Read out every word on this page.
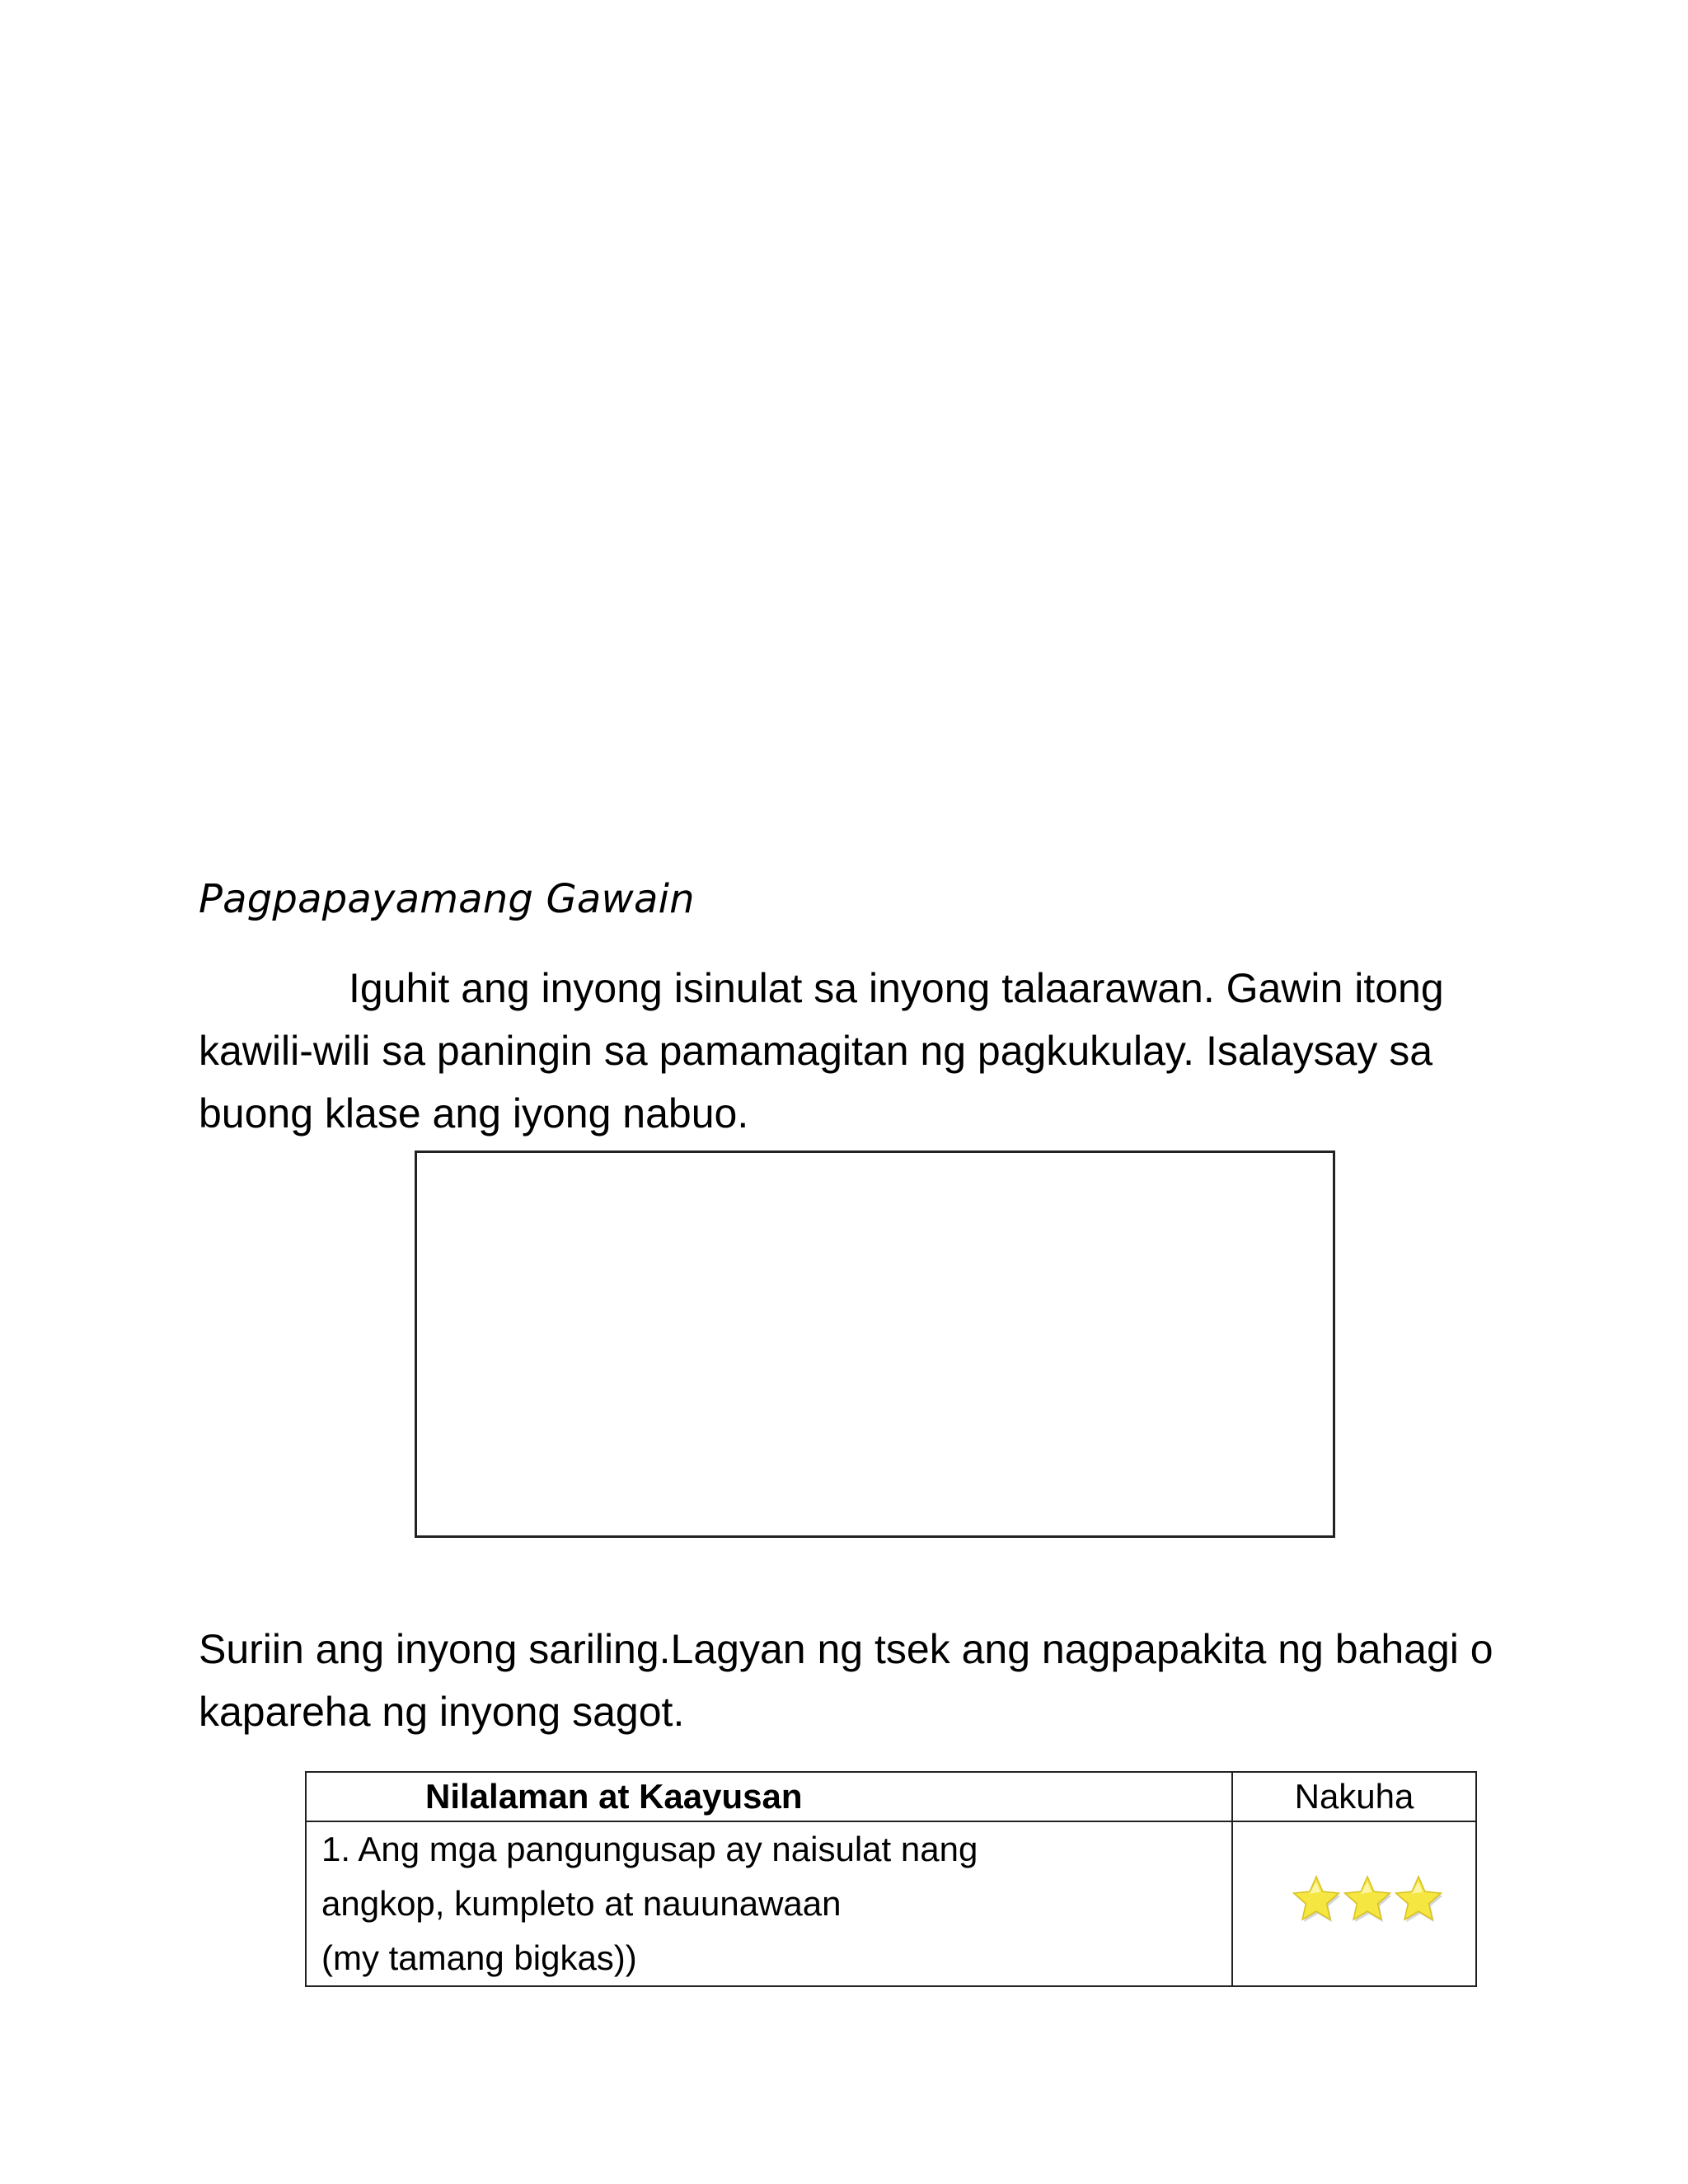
Pagpapayamang Gawain

Iguhit ang inyong isinulat sa inyong talaarawan. Gawin itong
kawili-wili sa paningin sa pamamagitan ng pagkukulay. Isalaysay sa
buong klase ang iyong nabuo.

Suriin ang inyong sariling.Lagyan ng tsek ang nagpapakita ng bahagi o
kapareha ng inyong sagot.

Nilalaman at Kaayusan	Nakuha

1. Ang mga pangungusap ay naisulat nang
angkop, kumpleto at nauunawaan
(my tamang bigkas))
